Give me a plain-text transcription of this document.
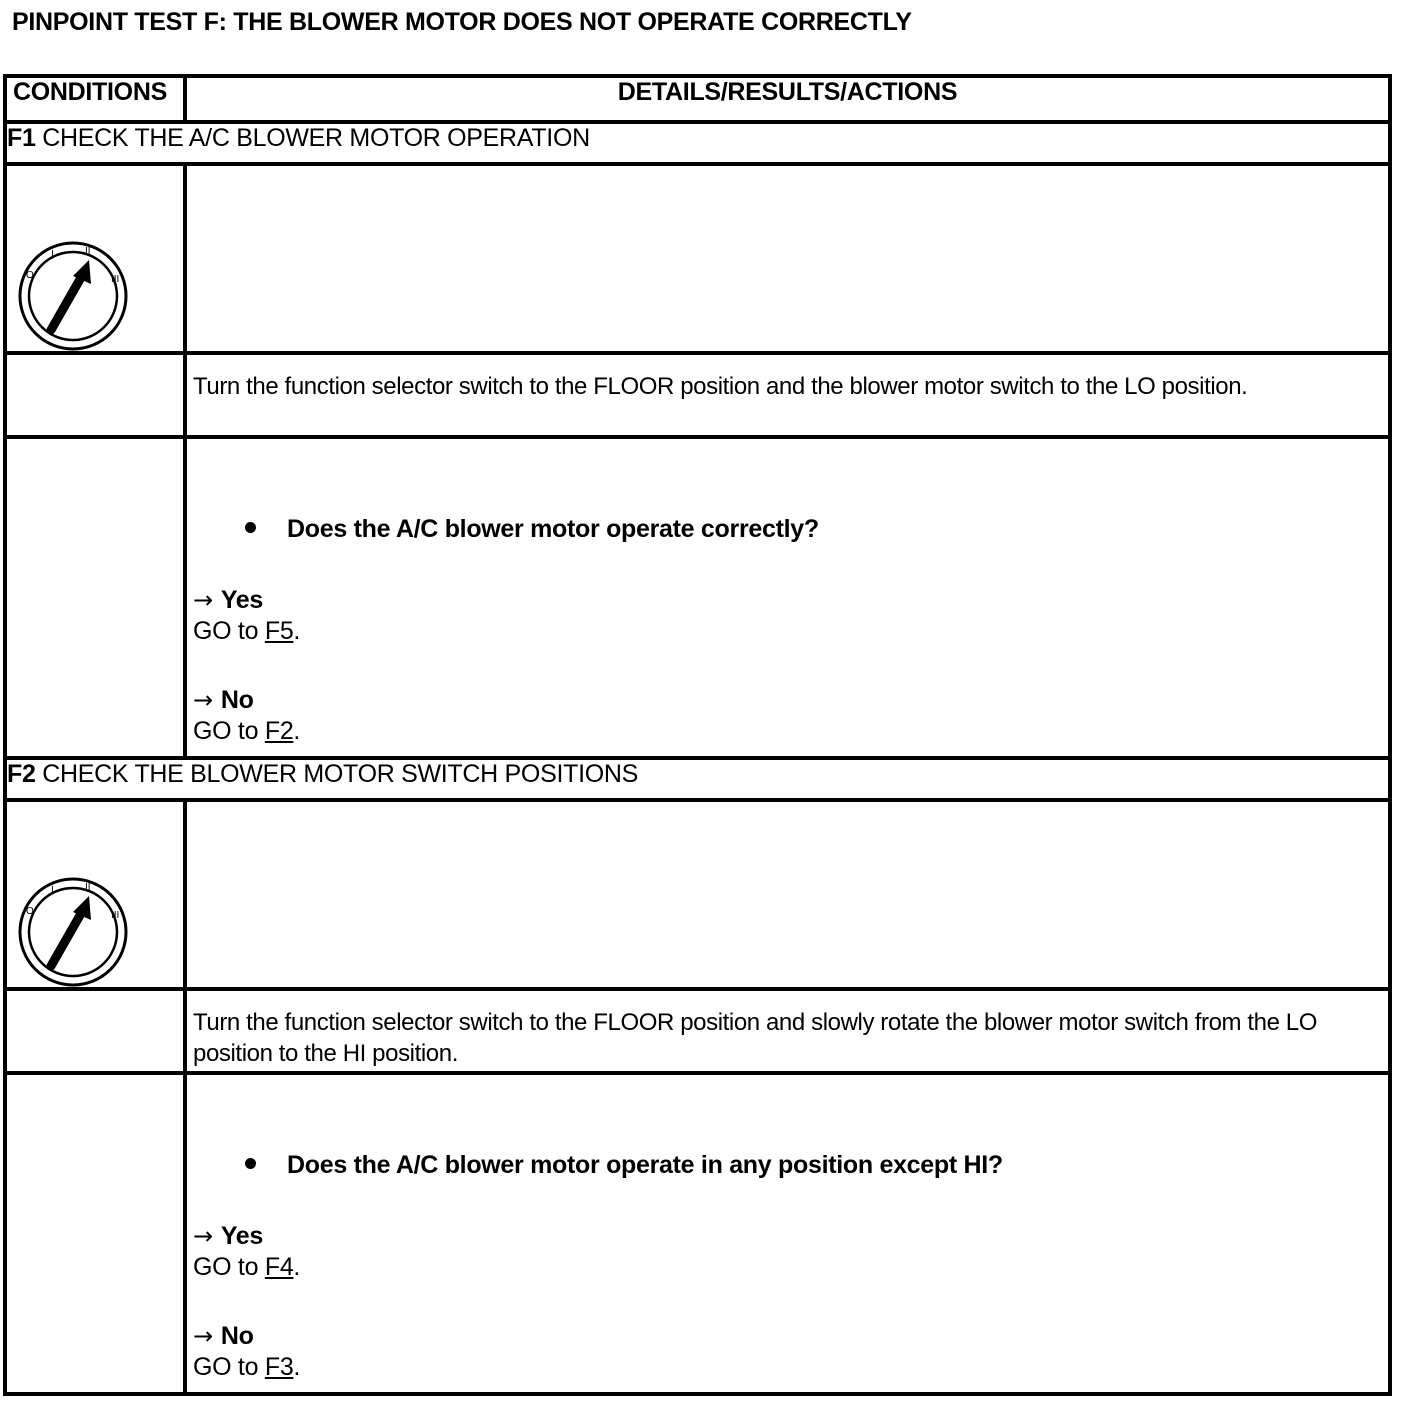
PINPOINT TEST F: THE BLOWER MOTOR DOES NOT OPERATE CORRECTLY
CONDITIONS	DETAILS/RESULTS/ACTIONS
F1 CHECK THE A/C BLOWER MOTOR OPERATION	

O
I II
III	

	Turn the function selector switch to the FLOOR position and the blower motor switch to the LO position.

Does the A/C blower motor operate correctly?
→ Yes
GO to F5.
→ No
GO to F2.

F2 CHECK THE BLOWER MOTOR SWITCH POSITIONS	

O
I II
III	

	Turn the function selector switch to the FLOOR position and slowly rotate the blower motor switch from the LO position to the HI position.

Does the A/C blower motor operate in any position except HI?
→ Yes
GO to F4.
→ No
GO to F3.
